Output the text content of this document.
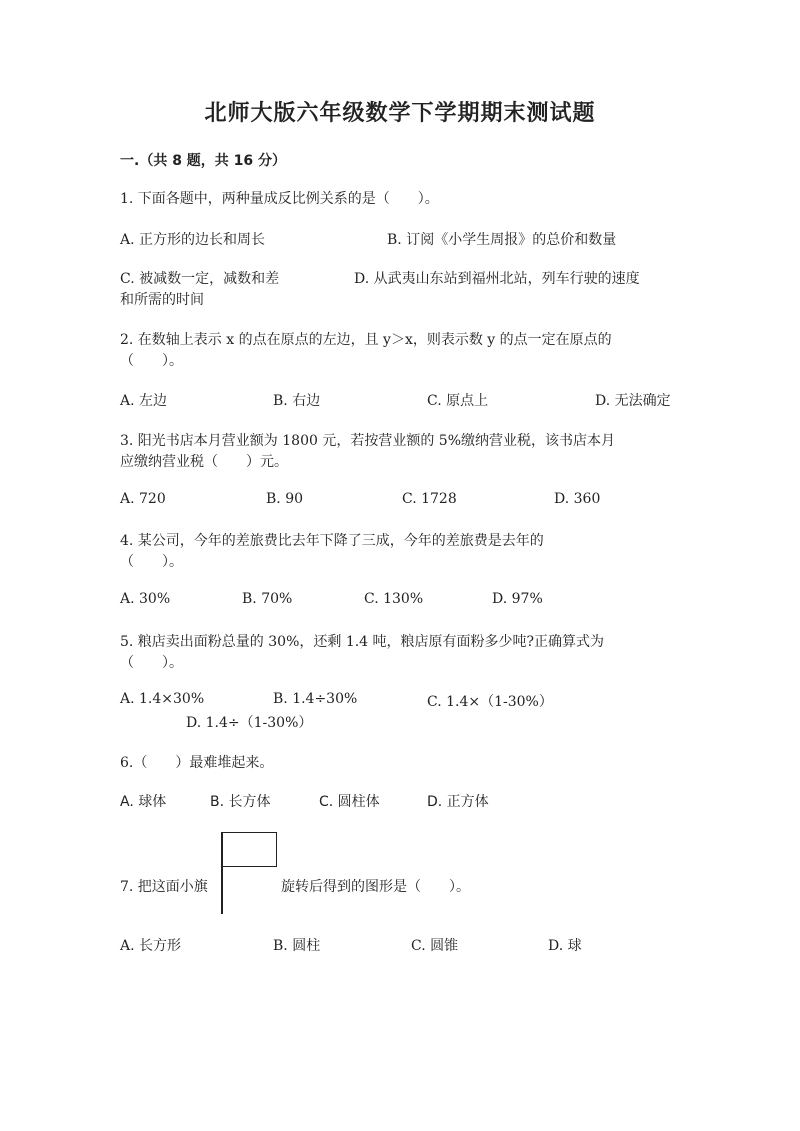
北师大版六年级数学下学期期末测试题
一.（共 8 题，共 16 分）
1. 下面各题中，两种量成反比例关系的是（　　）。
A. 正方形的边长和周长	B. 订阅《小学生周报》的总价和数量
C. 被减数一定，减数和差	D. 从武夷山东站到福州北站，列车行驶的速度
和所需的时间
2. 在数轴上表示 x 的点在原点的左边，且 y＞x，则表示数 y 的点一定在原点的
（　　）。
A. 左边	B. 右边	C. 原点上	D. 无法确定
3. 阳光书店本月营业额为 1800 元，若按营业额的 5%缴纳营业税，该书店本月
应缴纳营业税（　　）元。
A. 720	B. 90	C. 1728	D. 360
4. 某公司，今年的差旅费比去年下降了三成，今年的差旅费是去年的
（　　）。
A. 30%	B. 70%	C. 130%	D. 97%
5. 粮店卖出面粉总量的 30%，还剩 1.4 吨，粮店原有面粉多少吨?正确算式为
（　　）。
A. 1.4×30%	B. 1.4÷30%	C. 1.4×（1-30%）
D. 1.4÷（1-30%）
6.（　　）最难堆起来。
A. 球体	B. 长方体	C. 圆柱体	D. 正方体
7. 把这面小旗	旋转后得到的图形是（　　）。
A. 长方形	B. 圆柱	C. 圆锥	D. 球
